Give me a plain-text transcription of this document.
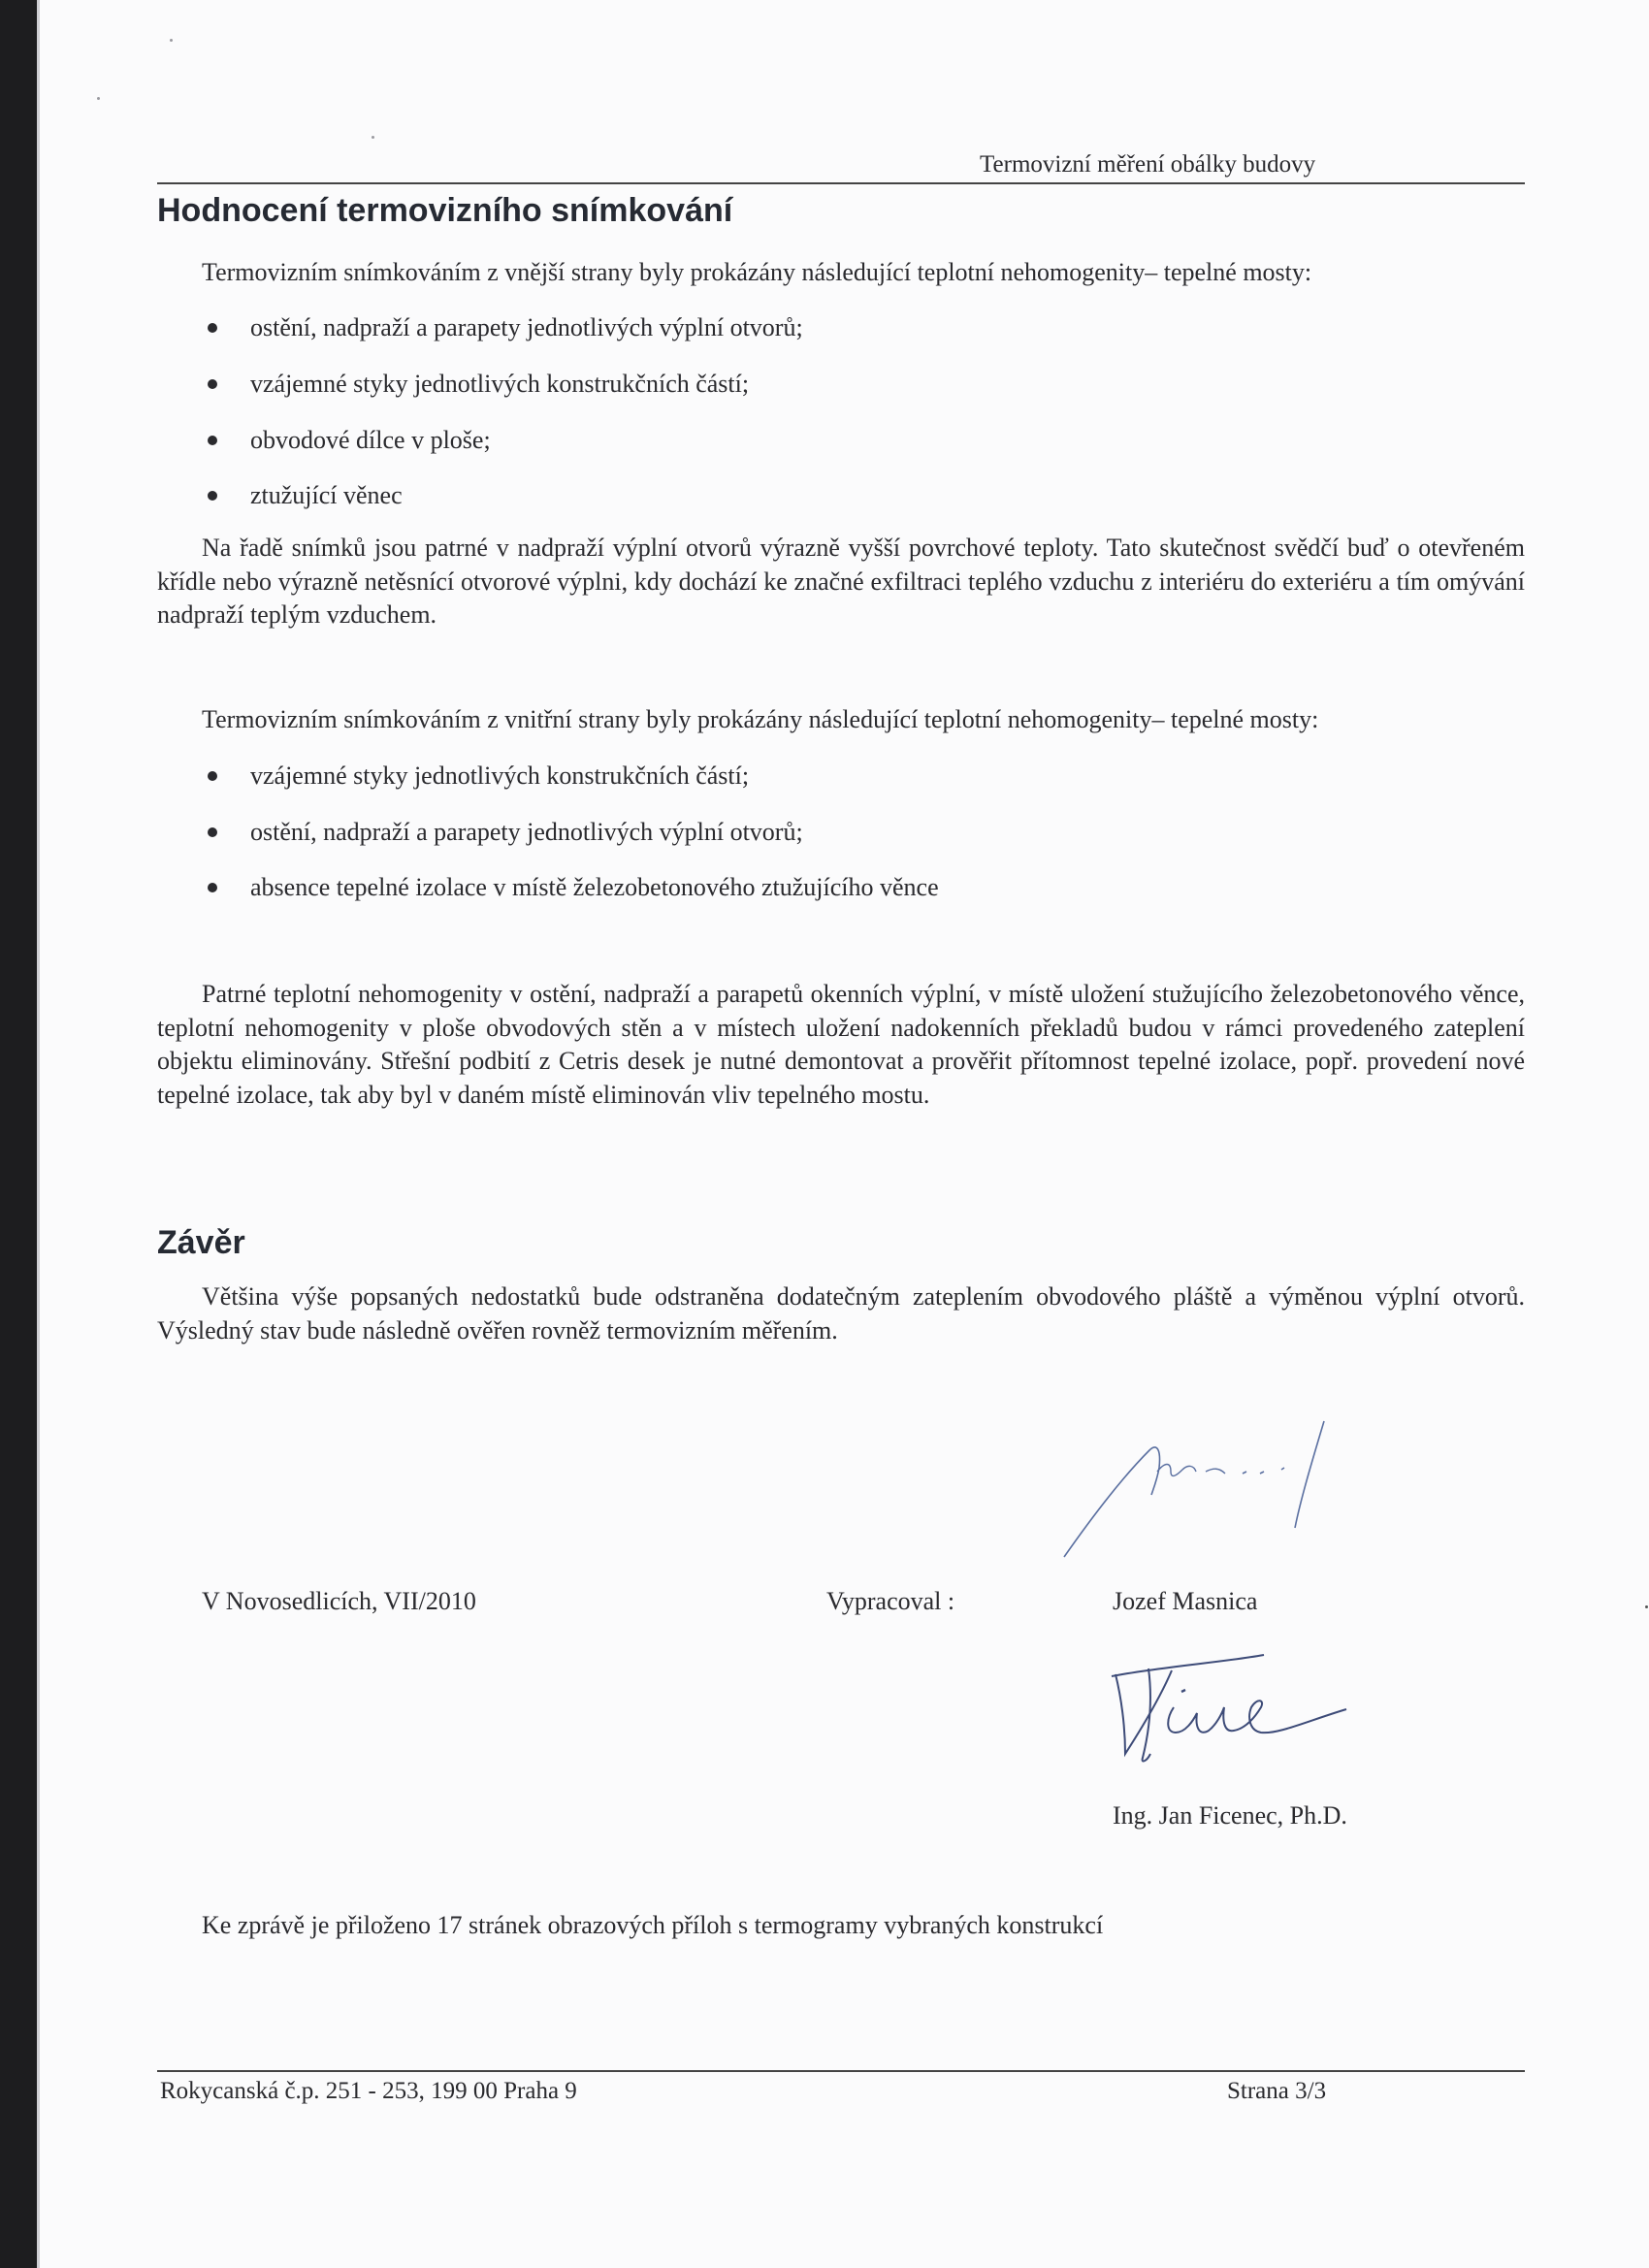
Termovizní měření obálky budovy
Hodnocení termovizního snímkování
Termovizním snímkováním z vnější strany byly prokázány následující teplotní nehomogenity– tepelné mosty:
ostění, nadpraží a parapety jednotlivých výplní otvorů;
vzájemné styky jednotlivých konstrukčních částí;
obvodové dílce v ploše;
ztužující věnec
Na řadě snímků jsou patrné v nadpraží výplní otvorů výrazně vyšší povrchové teploty. Tato skutečnost svědčí buď o otevřeném křídle nebo výrazně netěsnící otvorové výplni, kdy dochází ke značné exfiltraci teplého vzduchu z interiéru do exteriéru a tím omývání nadpraží teplým vzduchem.
Termovizním snímkováním z vnitřní strany byly prokázány následující teplotní nehomogenity– tepelné mosty:
vzájemné styky jednotlivých konstrukčních částí;
ostění, nadpraží a parapety jednotlivých výplní otvorů;
absence tepelné izolace v místě železobetonového ztužujícího věnce
Patrné teplotní nehomogenity v ostění, nadpraží a parapetů okenních výplní, v místě uložení stužujícího železobetonového věnce, teplotní nehomogenity v ploše obvodových stěn a v místech uložení nadokenních překladů budou v rámci provedeného zateplení objektu eliminovány. Střešní podbití z Cetris desek je nutné demontovat a prověřit přítomnost tepelné izolace, popř. provedení nové tepelné izolace, tak aby byl v daném místě eliminován vliv tepelného mostu.
Závěr
Většina výše popsaných nedostatků bude odstraněna dodatečným zateplením obvodového pláště a výměnou výplní otvorů. Výsledný stav bude následně ověřen rovněž termovizním měřením.
V Novosedlicích, VII/2010	Vypracoval :	Jozef Masnica
Ing. Jan Ficenec, Ph.D.
Ke zprávě je přiloženo 17 stránek obrazových příloh s termogramy vybraných konstrukcí
Rokycanská č.p. 251 - 253, 199 00 Praha 9	Strana 3/3
